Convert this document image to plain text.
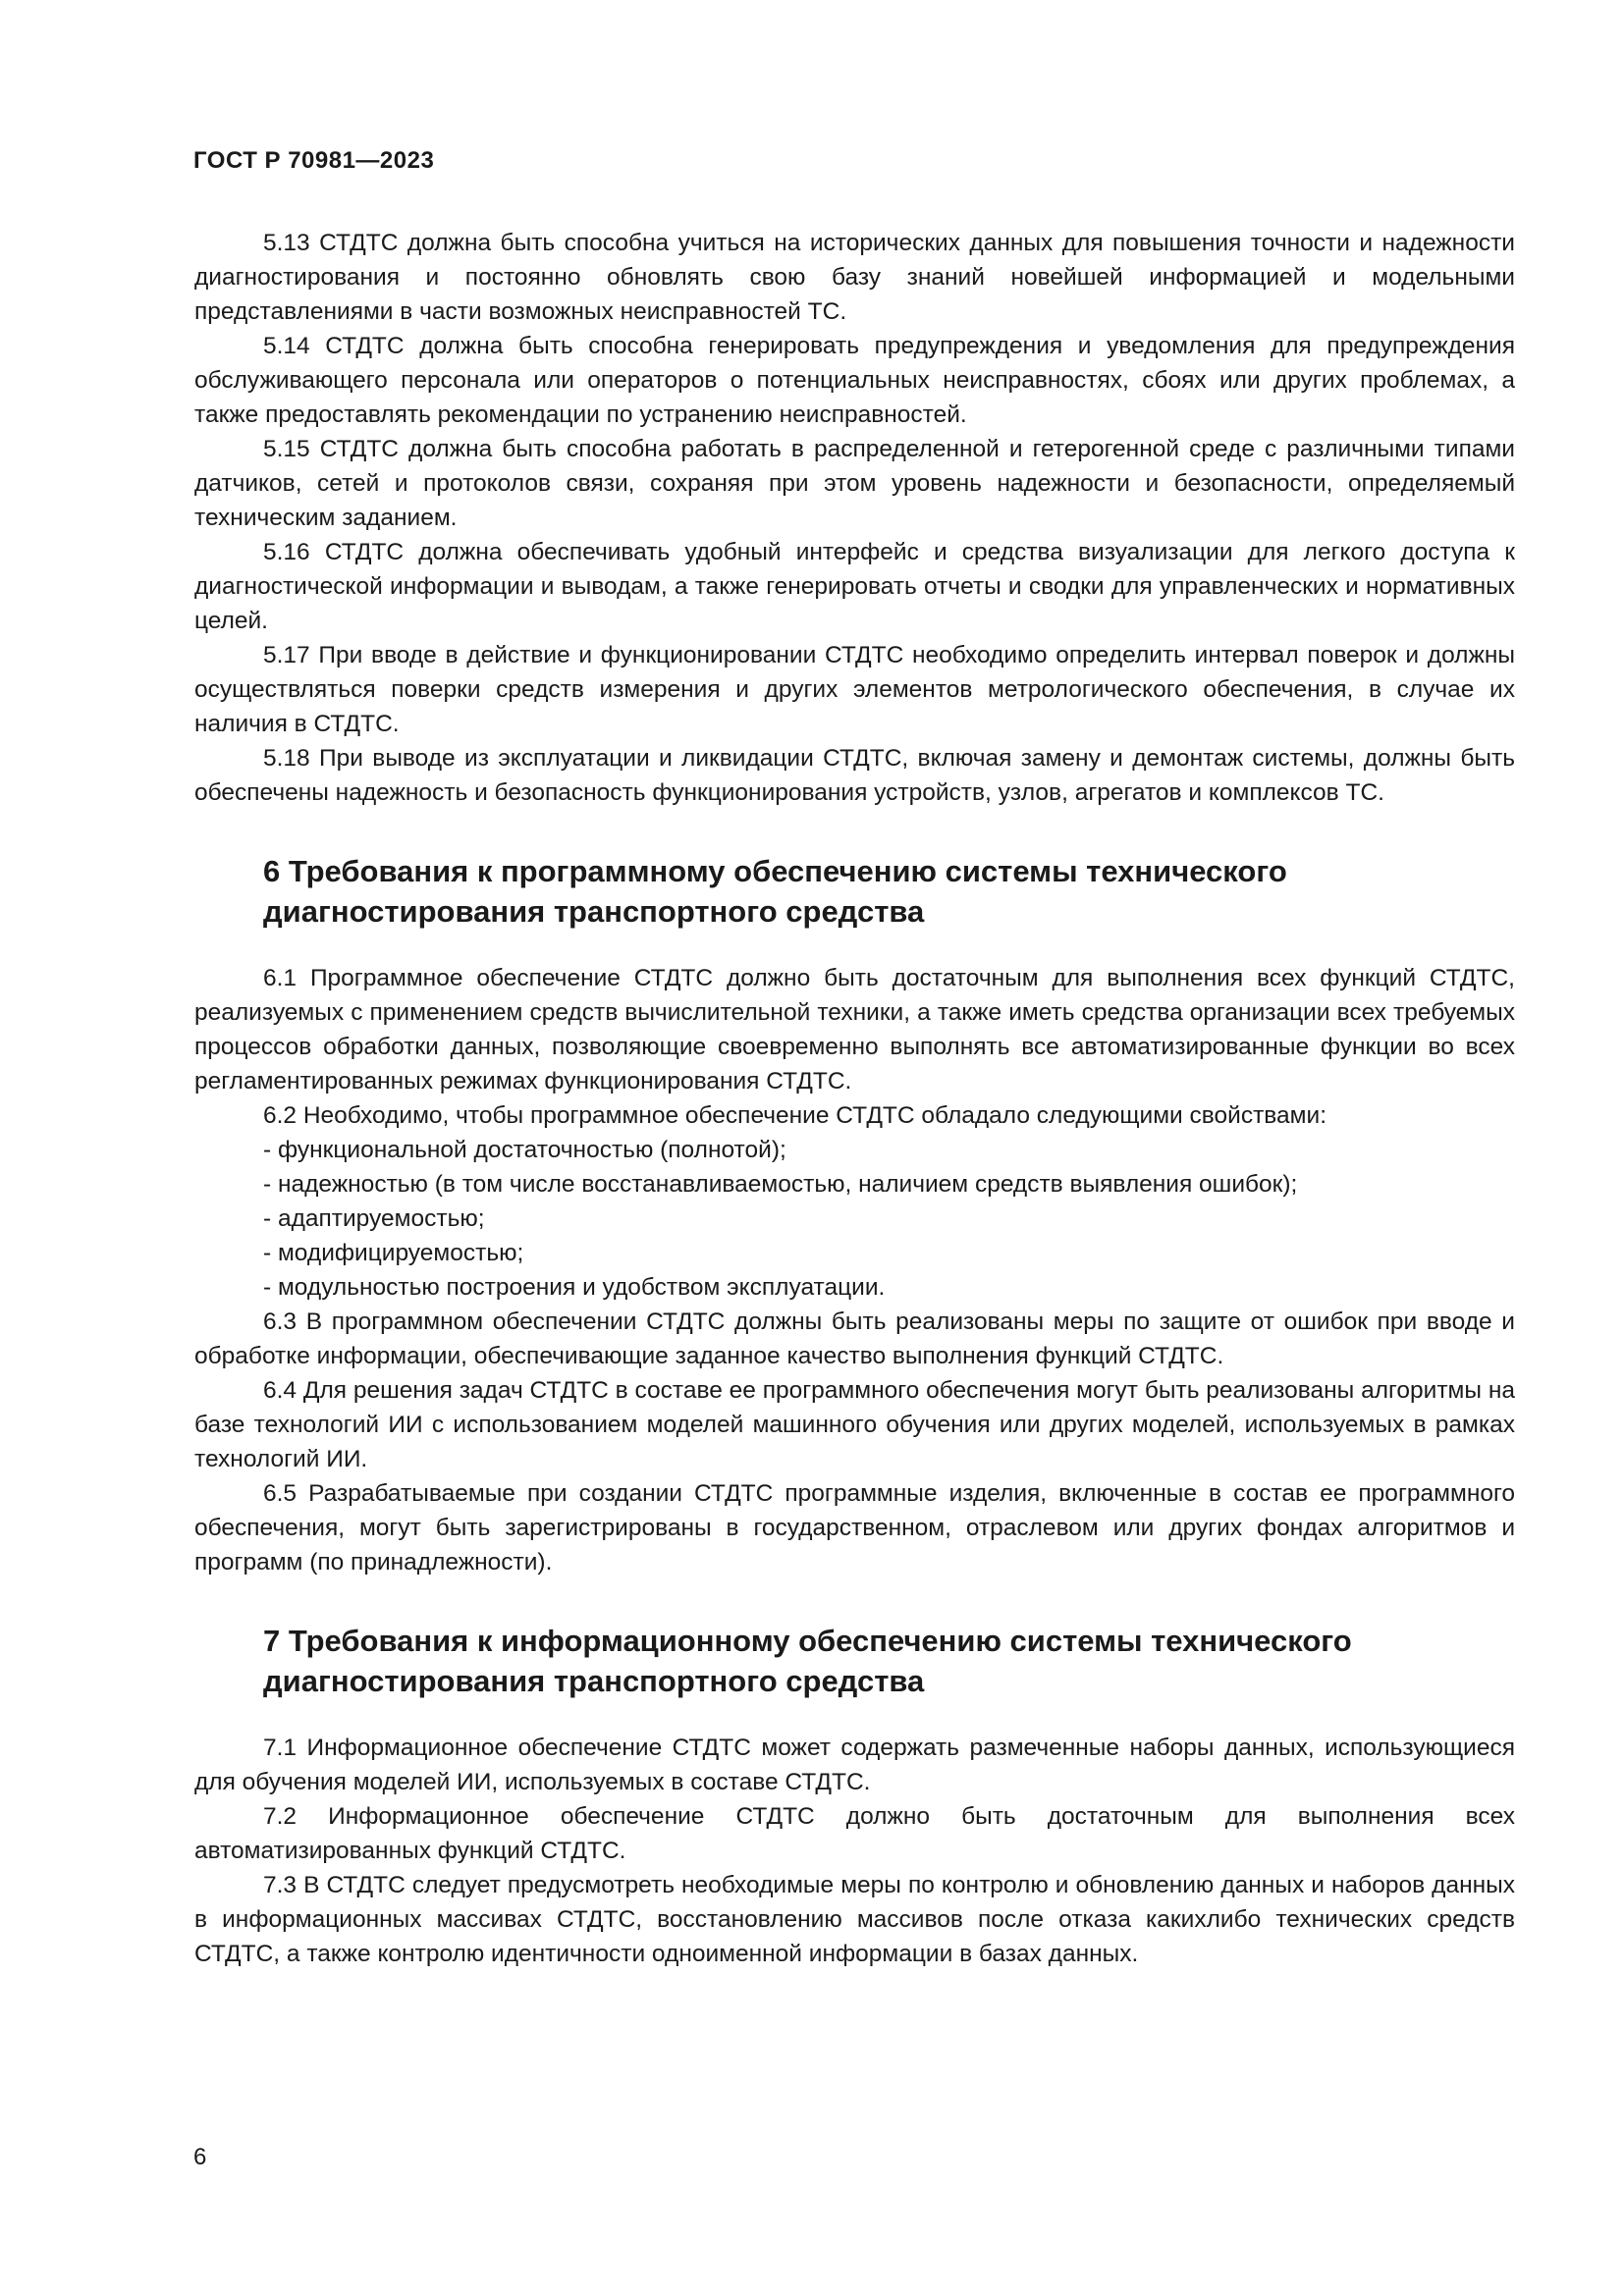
ГОСТ Р 70981—2023

5.13 СТДТС должна быть способна учиться на исторических данных для повышения точности и надежности диагностирования и постоянно обновлять свою базу знаний новейшей информацией и модельными представлениями в части возможных неисправностей ТС.

5.14 СТДТС должна быть способна генерировать предупреждения и уведомления для предупреждения обслуживающего персонала или операторов о потенциальных неисправностях, сбоях или других проблемах, а также предоставлять рекомендации по устранению неисправностей.

5.15 СТДТС должна быть способна работать в распределенной и гетерогенной среде с различными типами датчиков, сетей и протоколов связи, сохраняя при этом уровень надежности и безопасности, определяемый техническим заданием.

5.16 СТДТС должна обеспечивать удобный интерфейс и средства визуализации для легкого доступа к диагностической информации и выводам, а также генерировать отчеты и сводки для управленческих и нормативных целей.

5.17 При вводе в действие и функционировании СТДТС необходимо определить интервал поверок и должны осуществляться поверки средств измерения и других элементов метрологического обеспечения, в случае их наличия в СТДТС.

5.18 При выводе из эксплуатации и ликвидации СТДТС, включая замену и демонтаж системы, должны быть обеспечены надежность и безопасность функционирования устройств, узлов, агрегатов и комплексов ТС.

6 Требования к программному обеспечению системы технического диагностирования транспортного средства

6.1 Программное обеспечение СТДТС должно быть достаточным для выполнения всех функций СТДТС, реализуемых с применением средств вычислительной техники, а также иметь средства организации всех требуемых процессов обработки данных, позволяющие своевременно выполнять все автоматизированные функции во всех регламентированных режимах функционирования СТДТС.

6.2 Необходимо, чтобы программное обеспечение СТДТС обладало следующими свойствами:

- функциональной достаточностью (полнотой);
- надежностью (в том числе восстанавливаемостью, наличием средств выявления ошибок);
- адаптируемостью;
- модифицируемостью;
- модульностью построения и удобством эксплуатации.

6.3 В программном обеспечении СТДТС должны быть реализованы меры по защите от ошибок при вводе и обработке информации, обеспечивающие заданное качество выполнения функций СТДТС.

6.4 Для решения задач СТДТС в составе ее программного обеспечения могут быть реализованы алгоритмы на базе технологий ИИ с использованием моделей машинного обучения или других моделей, используемых в рамках технологий ИИ.

6.5 Разрабатываемые при создании СТДТС программные изделия, включенные в состав ее программного обеспечения, могут быть зарегистрированы в государственном, отраслевом или других фондах алгоритмов и программ (по принадлежности).

7 Требования к информационному обеспечению системы технического диагностирования транспортного средства

7.1 Информационное обеспечение СТДТС может содержать размеченные наборы данных, использующиеся для обучения моделей ИИ, используемых в составе СТДТС.

7.2 Информационное обеспечение СТДТС должно быть достаточным для выполнения всех автоматизированных функций СТДТС.

7.3 В СТДТС следует предусмотреть необходимые меры по контролю и обновлению данных и наборов данных в информационных массивах СТДТС, восстановлению массивов после отказа какихлибо технических средств СТДТС, а также контролю идентичности одноименной информации в базах данных.

6
